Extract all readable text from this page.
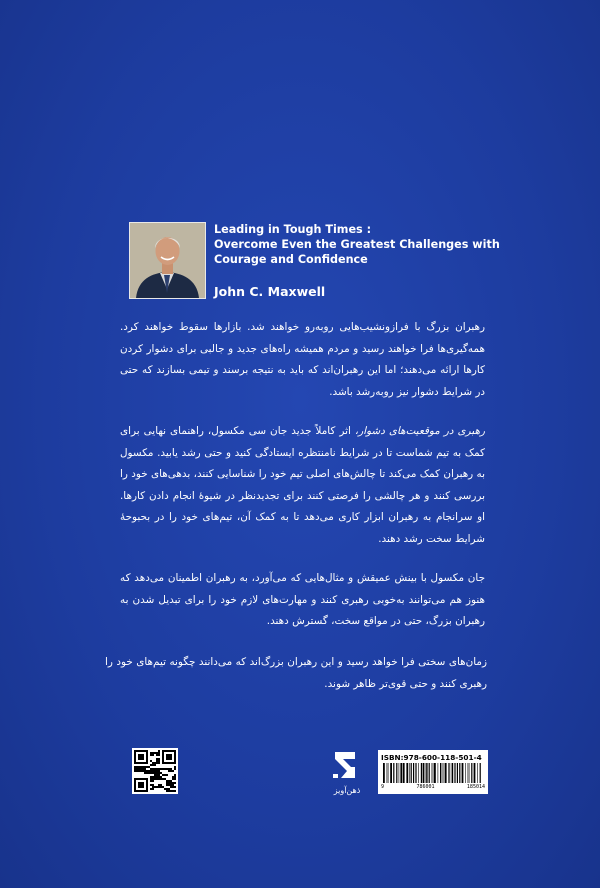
Leading in Tough Times :
Overcome Even the Greatest Challenges with
Courage and Confidence
John C. Maxwell
رهبران بزرگ با فرازونشیب‌هایی روبه‌رو خواهند شد. بازارها سقوط خواهند کرد. همه‌گیری‌ها فرا خواهند رسید و مردم همیشه راه‌های جدید و جالبی برای دشوار کردن کارها ارائه می‌دهند؛ اما این رهبران‌اند که باید به نتیجه برسند و تیمی بسازند که حتی در شرایط دشوار نیز روبه‌رشد باشد.
رهبری در موقعیت‌های دشوار، اثر کاملاً جدید جان سی مکسول، راهنمای نهایی برای کمک به تیم شماست تا در شرایط نامنتظره ایستادگی کنید و حتی رشد یابید. مکسول به رهبران کمک می‌کند تا چالش‌های اصلی تیم خود را شناسایی کنند، بدهی‌های خود را بررسی کنند و هر چالشی را فرصتی کنند برای تجدیدنظر در شیوهٔ انجام دادن کارها. او سرانجام به رهبران ابزار کاری می‌دهد تا به کمک آن، تیم‌های خود را در بحبوحهٔ شرایط سخت رشد دهند.
جان مکسول با بینش عمیقش و مثال‌هایی که می‌آورد، به رهبران اطمینان می‌دهد که هنوز هم می‌توانند به‌خوبی رهبری کنند و مهارت‌های لازم خود را برای تبدیل شدن به رهبران بزرگ، حتی در مواقع سخت، گسترش دهند.
زمان‌های سختی فرا خواهد رسید و این رهبران بزرگ‌اند که می‌دانند چگونه تیم‌های خود را رهبری کنند و حتی قوی‌تر ظاهر شوند.
ذهن‌آویز
ISBN:978-600-118-501-4
9	786001	185014
